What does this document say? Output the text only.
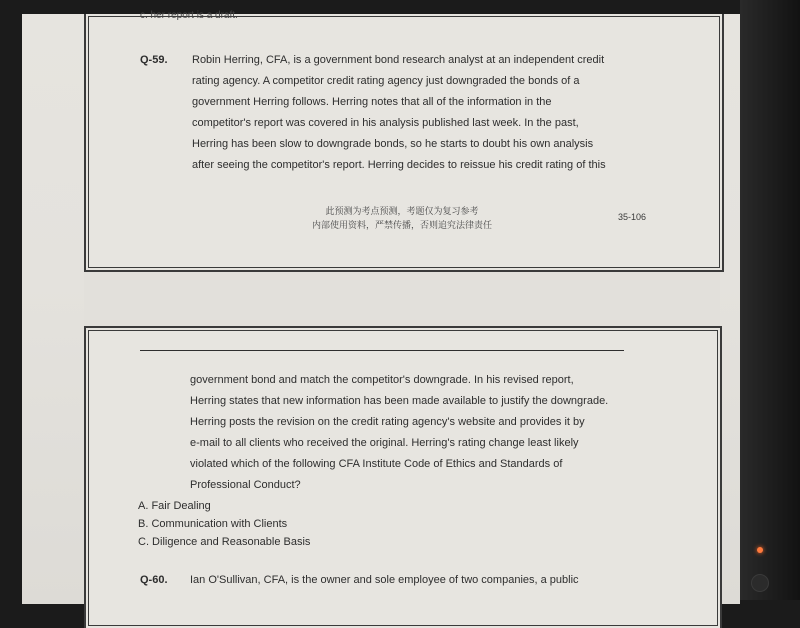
c. her report is a draft.
Q-59. Robin Herring, CFA, is a government bond research analyst at an independent credit
rating agency. A competitor credit rating agency just downgraded the bonds of a
government Herring follows. Herring notes that all of the information in the
competitor's report was covered in his analysis published last week. In the past,
Herring has been slow to downgrade bonds, so he starts to doubt his own analysis
after seeing the competitor's report. Herring decides to reissue his credit rating of this
35-106
此预测为考点预测，考题仅为复习参考
内部使用资料，严禁传播，否则追究法律责任
government bond and match the competitor's downgrade. In his revised report,
Herring states that new information has been made available to justify the downgrade.
Herring posts the revision on the credit rating agency's website and provides it by
e-mail to all clients who received the original. Herring's rating change least likely
violated which of the following CFA Institute Code of Ethics and Standards of
Professional Conduct?
A. Fair Dealing
B. Communication with Clients
C. Diligence and Reasonable Basis
Q-60. Ian O'Sullivan, CFA, is the owner and sole employee of two companies, a public
